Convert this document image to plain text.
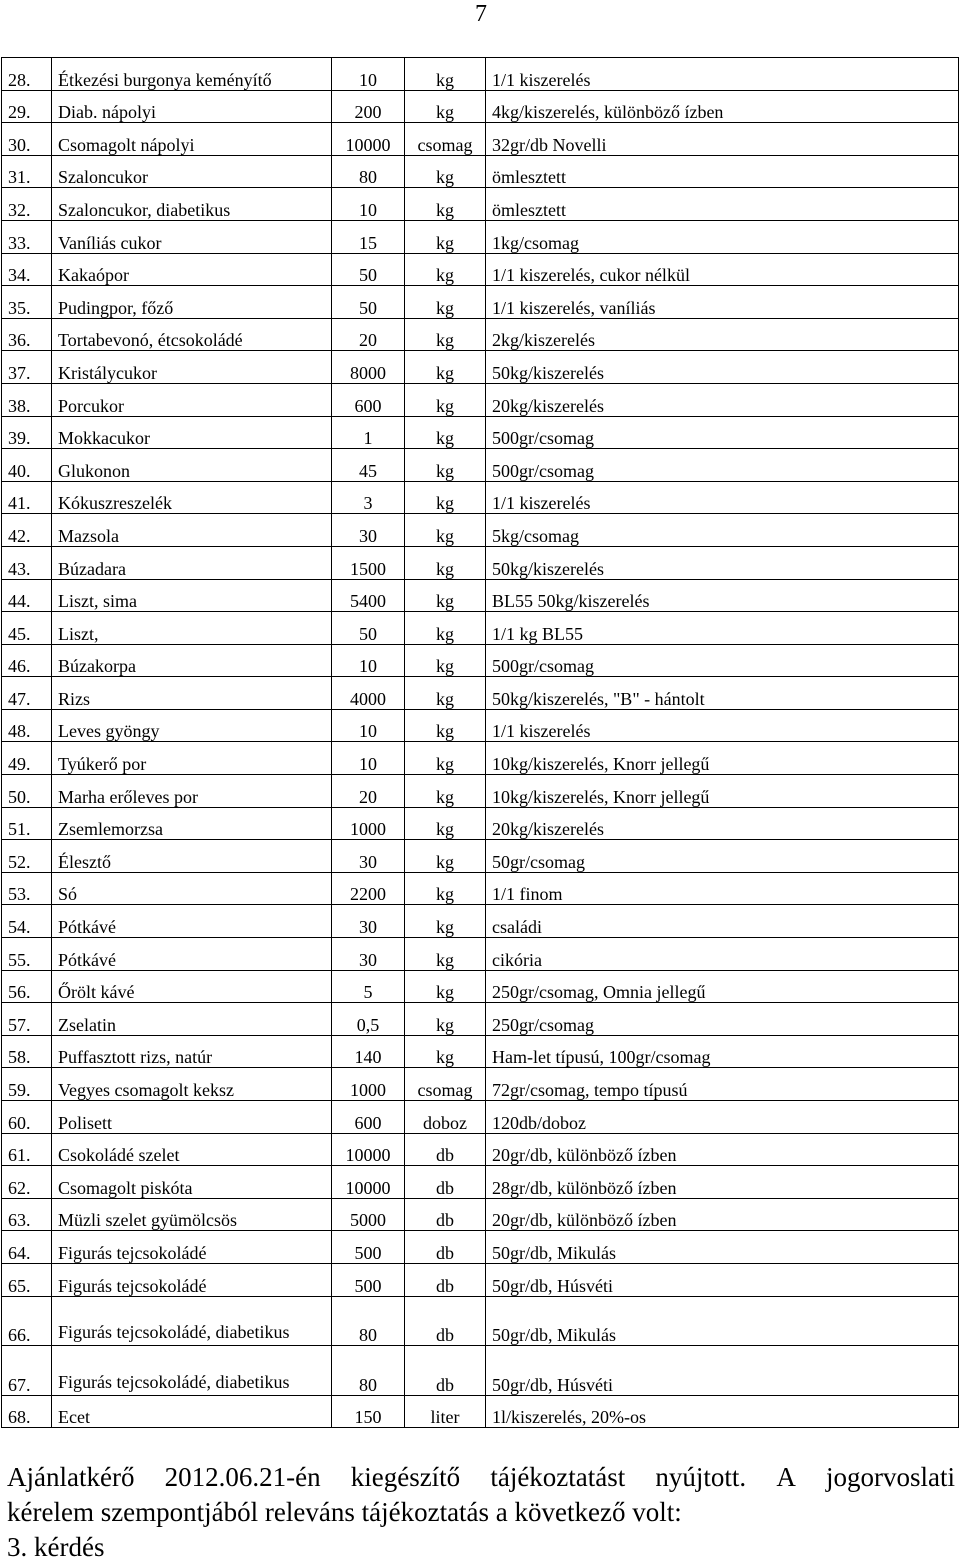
7
28.	Étkezési burgonya keményítő	10	kg	1/1 kiszerelés
29.	Diab. nápolyi	200	kg	4kg/kiszerelés, különböző ízben
30.	Csomagolt nápolyi	10000	csomag	32gr/db Novelli
31.	Szaloncukor	80	kg	ömlesztett
32.	Szaloncukor, diabetikus	10	kg	ömlesztett
33.	Vaníliás cukor	15	kg	1kg/csomag
34.	Kakaópor	50	kg	1/1 kiszerelés, cukor nélkül
35.	Pudingpor, főző	50	kg	1/1 kiszerelés, vaníliás
36.	Tortabevonó, étcsokoládé	20	kg	2kg/kiszerelés
37.	Kristálycukor	8000	kg	50kg/kiszerelés
38.	Porcukor	600	kg	20kg/kiszerelés
39.	Mokkacukor	1	kg	500gr/csomag
40.	Glukonon	45	kg	500gr/csomag
41.	Kókuszreszelék	3	kg	1/1 kiszerelés
42.	Mazsola	30	kg	5kg/csomag
43.	Búzadara	1500	kg	50kg/kiszerelés
44.	Liszt, sima	5400	kg	BL55 50kg/kiszerelés
45.	Liszt,	50	kg	1/1 kg BL55
46.	Búzakorpa	10	kg	500gr/csomag
47.	Rizs	4000	kg	50kg/kiszerelés, "B" - hántolt
48.	Leves gyöngy	10	kg	1/1 kiszerelés
49.	Tyúkerő por	10	kg	10kg/kiszerelés, Knorr jellegű
50.	Marha erőleves por	20	kg	10kg/kiszerelés, Knorr jellegű
51.	Zsemlemorzsa	1000	kg	20kg/kiszerelés
52.	Élesztő	30	kg	50gr/csomag
53.	Só	2200	kg	1/1 finom
54.	Pótkávé	30	kg	családi
55.	Pótkávé	30	kg	cikória
56.	Őrölt kávé	5	kg	250gr/csomag, Omnia jellegű
57.	Zselatin	0,5	kg	250gr/csomag
58.	Puffasztott rizs, natúr	140	kg	Ham-let típusú, 100gr/csomag
59.	Vegyes csomagolt keksz	1000	csomag	72gr/csomag, tempo típusú
60.	Polisett	600	doboz	120db/doboz
61.	Csokoládé szelet	10000	db	20gr/db, különböző ízben
62.	Csomagolt piskóta	10000	db	28gr/db, különböző ízben
63.	Müzli szelet gyümölcsös	5000	db	20gr/db, különböző ízben
64.	Figurás tejcsokoládé	500	db	50gr/db, Mikulás
65.	Figurás tejcsokoládé	500	db	50gr/db, Húsvéti
66.	Figurás tejcsokoládé, diabetikus	80	db	50gr/db, Mikulás
67.	Figurás tejcsokoládé, diabetikus	80	db	50gr/db, Húsvéti
68.	Ecet	150	liter	1l/kiszerelés, 20%-os
Ajánlatkérő 2012.06.21-én kiegészítő tájékoztatást nyújtott. A jogorvoslati
kérelem szempontjából releváns tájékoztatás a következő volt:
3. kérdés
